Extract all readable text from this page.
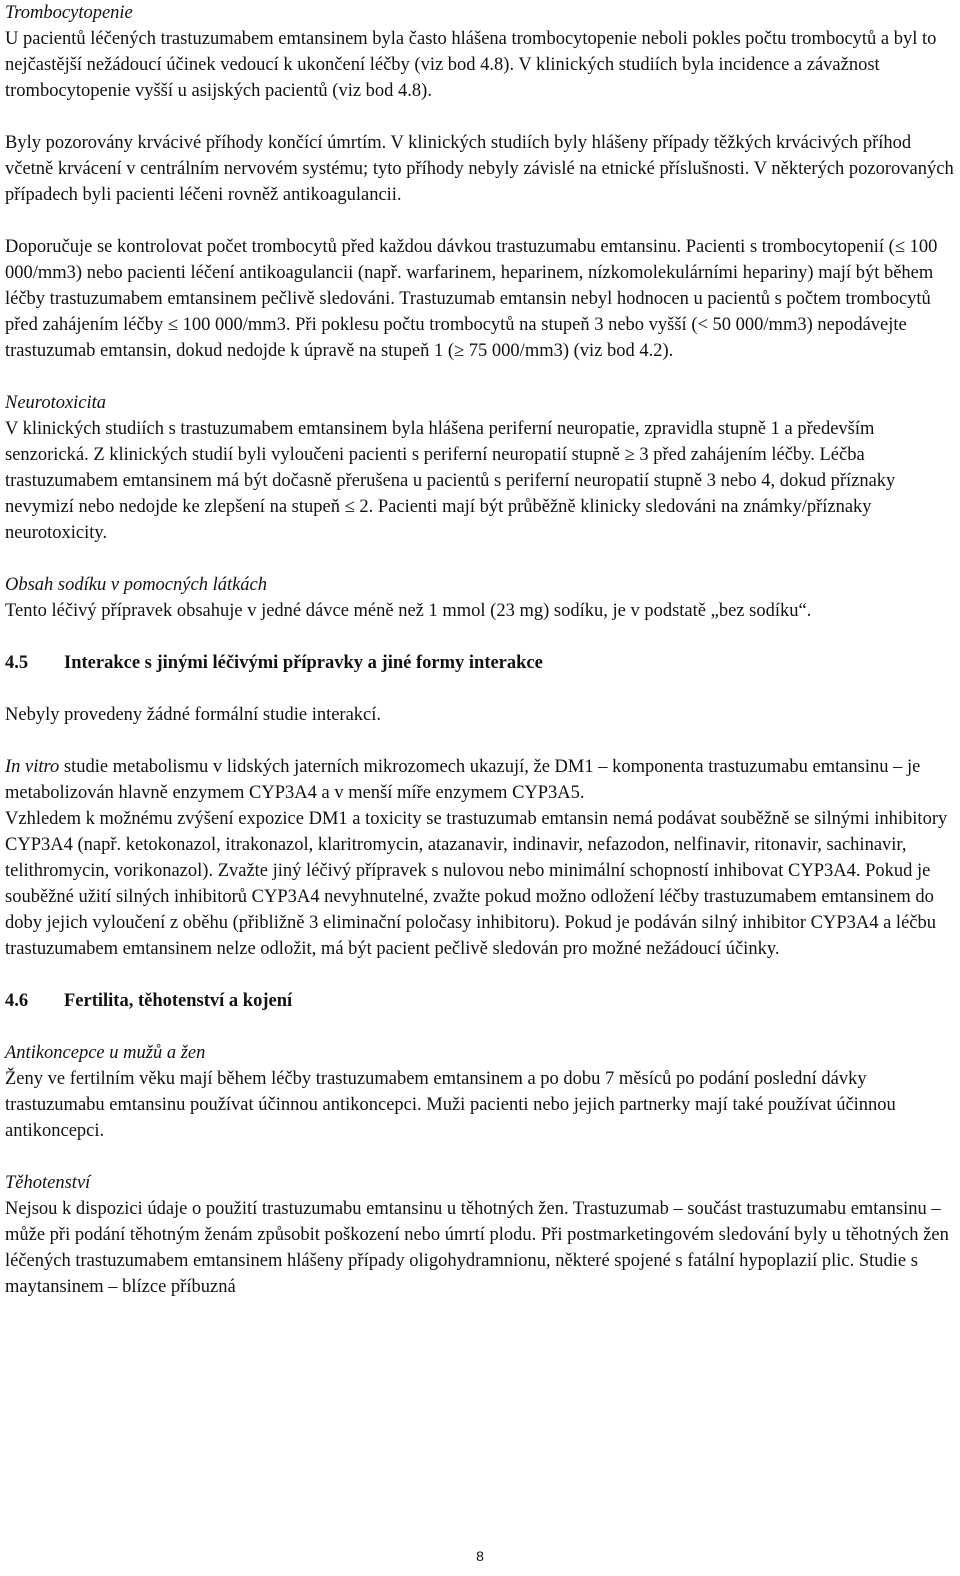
Trombocytopenie

U pacientů léčených trastuzumabem emtansinem byla často hlášena trombocytopenie neboli pokles počtu trombocytů a byl to nejčastější nežádoucí účinek vedoucí k ukončení léčby (viz bod 4.8). V klinických studiích byla incidence a závažnost trombocytopenie vyšší u asijských pacientů (viz bod 4.8).

Byly pozorovány krvácivé příhody končící úmrtím. V klinických studiích byly hlášeny případy těžkých krvácivých příhod včetně krvácení v centrálním nervovém systému; tyto příhody nebyly závislé na etnické příslušnosti. V některých pozorovaných případech byli pacienti léčeni rovněž antikoagulancii.

Doporučuje se kontrolovat počet trombocytů před každou dávkou trastuzumabu emtansinu. Pacienti s trombocytopenií (≤ 100 000/mm3) nebo pacienti léčení antikoagulancii (např. warfarinem, heparinem, nízkomolekulárními hepariny) mají být během léčby trastuzumabem emtansinem pečlivě sledováni. Trastuzumab emtansin nebyl hodnocen u pacientů s počtem trombocytů před zahájením léčby ≤ 100 000/mm3. Při poklesu počtu trombocytů na stupeň 3 nebo vyšší (< 50 000/mm3) nepodávejte trastuzumab emtansin, dokud nedojde k úpravě na stupeň 1 (≥ 75 000/mm3) (viz bod 4.2).

Neurotoxicita

V klinických studiích s trastuzumabem emtansinem byla hlášena periferní neuropatie, zpravidla stupně 1 a především senzorická. Z klinických studií byli vyloučeni pacienti s periferní neuropatií stupně ≥ 3 před zahájením léčby. Léčba trastuzumabem emtansinem má být dočasně přerušena u pacientů s periferní neuropatií stupně 3 nebo 4, dokud příznaky nevymizí nebo nedojde ke zlepšení na stupeň ≤ 2. Pacienti mají být průběžně klinicky sledováni na známky/příznaky neurotoxicity.

Obsah sodíku v pomocných látkách

Tento léčivý přípravek obsahuje v jedné dávce méně než 1 mmol (23 mg) sodíku, je v podstatě „bez sodíku“.

4.5	Interakce s jinými léčivými přípravky a jiné formy interakce

Nebyly provedeny žádné formální studie interakcí.

In vitro studie metabolismu v lidských jaterních mikrozomech ukazují, že DM1 – komponenta trastuzumabu emtansinu – je metabolizován hlavně enzymem CYP3A4 a v menší míře enzymem CYP3A5.

Vzhledem k možnému zvýšení expozice DM1 a toxicity se trastuzumab emtansin nemá podávat souběžně se silnými inhibitory CYP3A4 (např. ketokonazol, itrakonazol, klaritromycin, atazanavir, indinavir, nefazodon, nelfinavir, ritonavir, sachinavir, telithromycin, vorikonazol). Zvažte jiný léčivý přípravek s nulovou nebo minimální schopností inhibovat CYP3A4. Pokud je souběžné užití silných inhibitorů CYP3A4 nevyhnutelné, zvažte pokud možno odložení léčby trastuzumabem emtansinem do doby jejich vyloučení z oběhu (přibližně 3 eliminační poločasy inhibitoru). Pokud je podáván silný inhibitor CYP3A4 a léčbu trastuzumabem emtansinem nelze odložit, má být pacient pečlivě sledován pro možné nežádoucí účinky.

4.6	Fertilita, těhotenství a kojení

Antikoncepce u mužů a žen

Ženy ve fertilním věku mají během léčby trastuzumabem emtansinem a po dobu 7 měsíců po podání poslední dávky trastuzumabu emtansinu používat účinnou antikoncepci. Muži pacienti nebo jejich partnerky mají také používat účinnou antikoncepci.

Těhotenství

Nejsou k dispozici údaje o použití trastuzumabu emtansinu u těhotných žen. Trastuzumab – součást trastuzumabu emtansinu – může při podání těhotným ženám způsobit poškození nebo úmrtí plodu. Při postmarketingovém sledování byly u těhotných žen léčených trastuzumabem emtansinem hlášeny případy oligohydramnionu, některé spojené s fatální hypoplazií plic. Studie s maytansinem – blízce příbuzná

8
